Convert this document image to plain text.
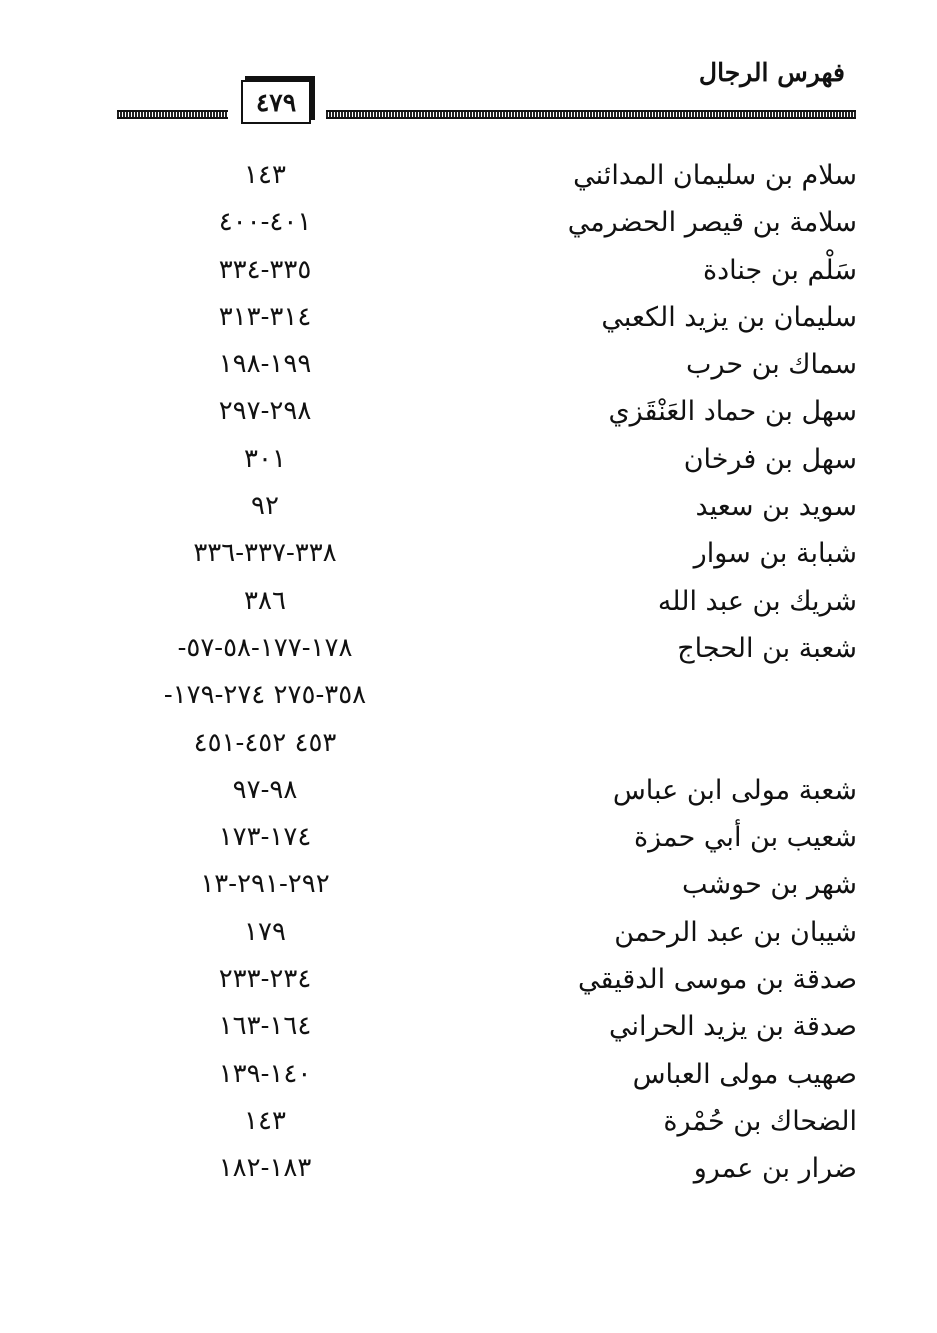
فهرس الرجال
٤٧٩
سلام بن سليمان المدائني
١٤٣
سلامة بن قيصر الحضرمي
٤٠١-٤٠٠
سَلْم بن جنادة
٣٣٥-٣٣٤
سليمان بن يزيد الكعبي
٣١٤-٣١٣
سماك بن حرب
١٩٩-١٩٨
سهل بن حماد العَنْقَزي
٢٩٨-٢٩٧
سهل بن فرخان
٣٠١
سويد بن سعيد
٩٢
شبابة بن سوار
٣٣٨-٣٣٧-٣٣٦
شريك بن عبد الله
٣٨٦
شعبة بن الحجاج
-١٧٨-١٧٧-٥٨-٥٧
-٣٥٨-٢٧٥ ٢٧٤-١٧٩
٤٥٣ ٤٥٢-٤٥١
شعبة مولى ابن عباس
٩٨-٩٧
شعيب بن أبي حمزة
١٧٤-١٧٣
شهر بن حوشب
٢٩٢-٢٩١-١٣
شيبان بن عبد الرحمن
١٧٩
صدقة بن موسى الدقيقي
٢٣٤-٢٣٣
صدقة بن يزيد الحراني
١٦٤-١٦٣
صهيب مولى العباس
١٤٠-١٣٩
الضحاك بن حُمْرة
١٤٣
ضرار بن عمرو
١٨٣-١٨٢
